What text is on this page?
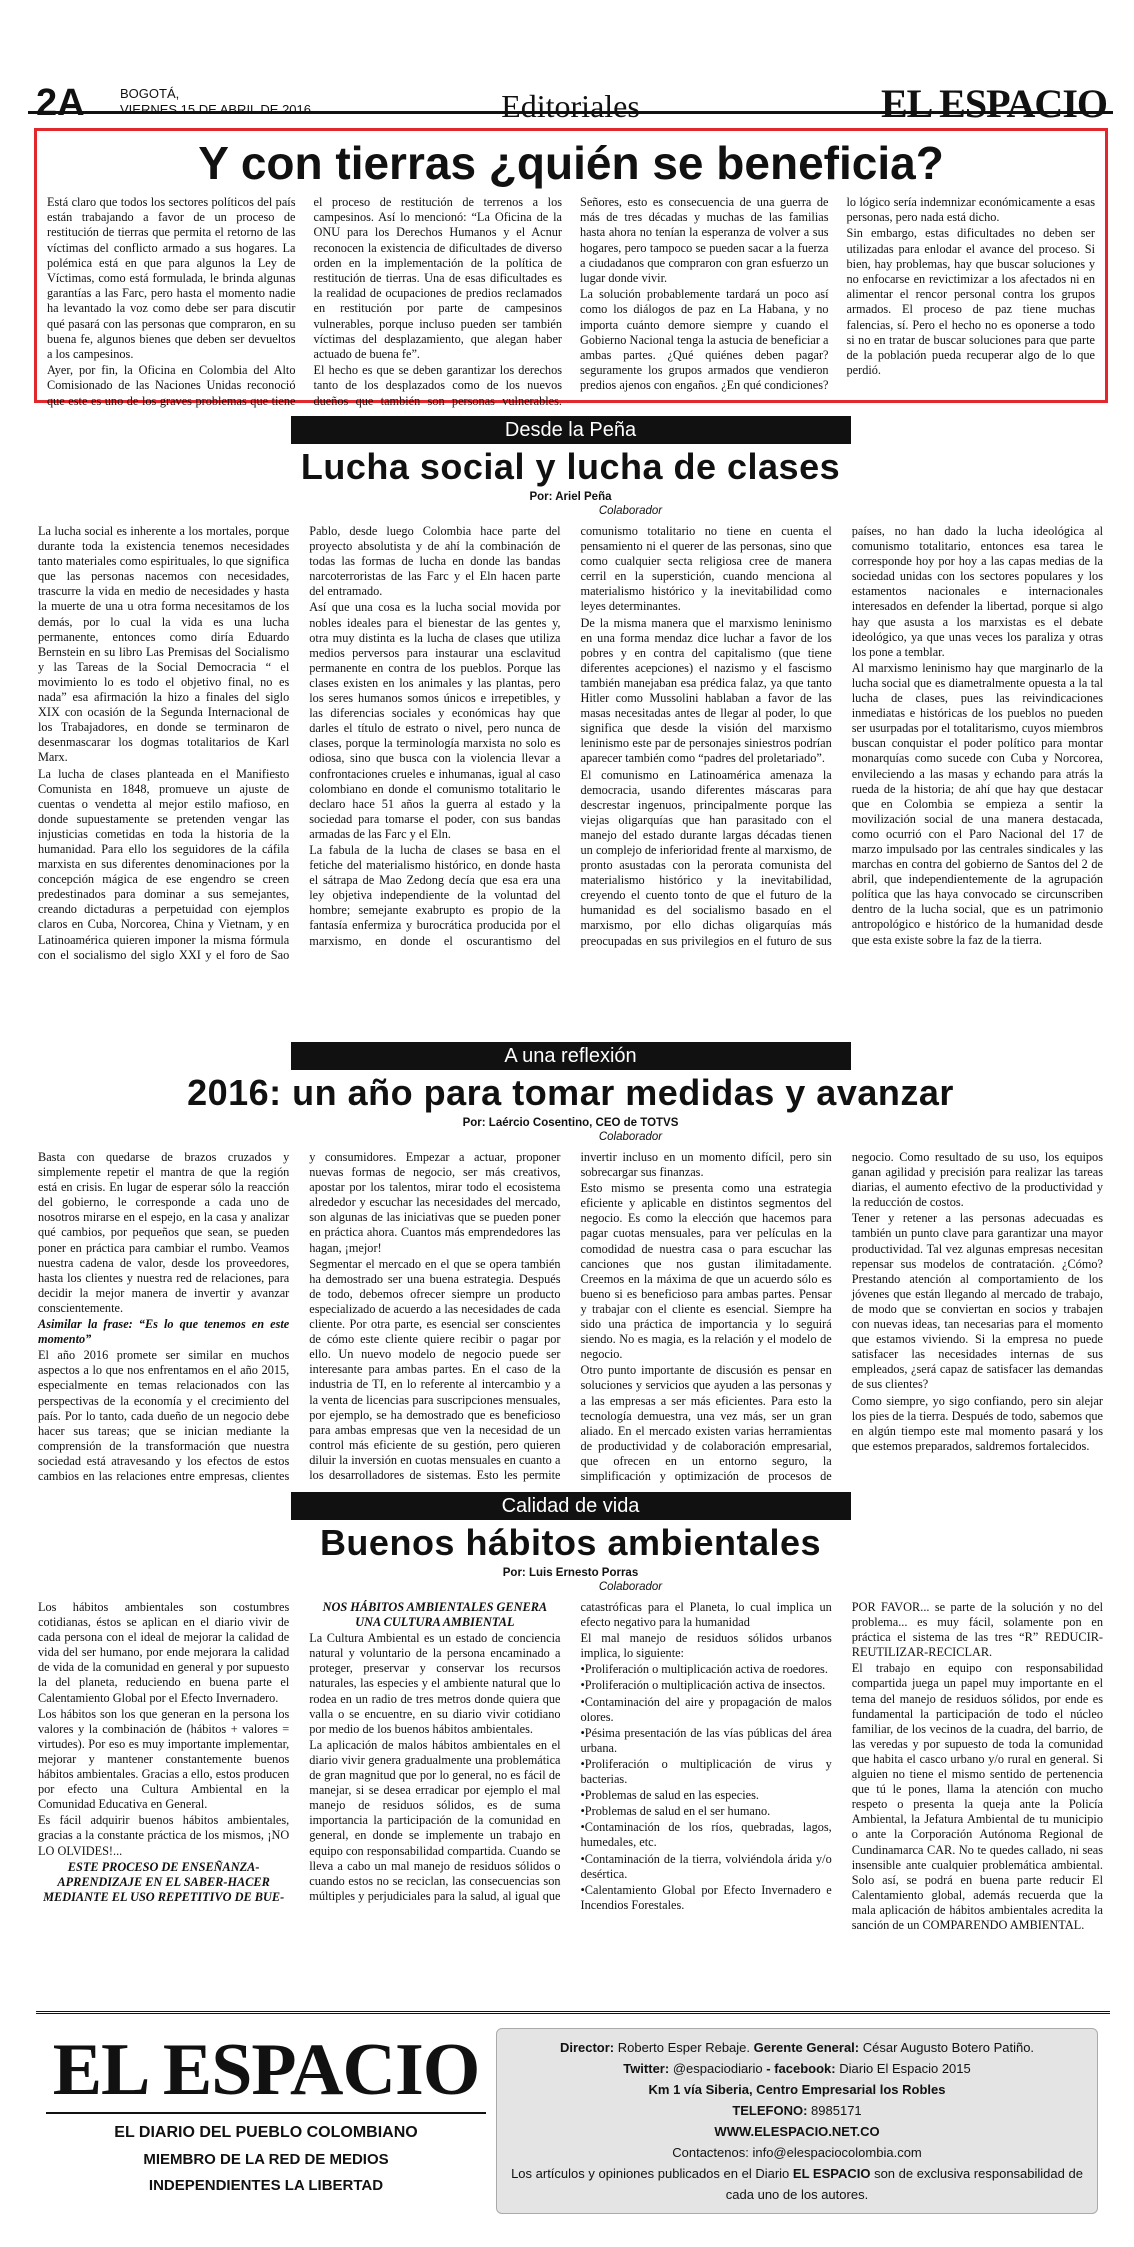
2A	BOGOTÁ,
VIERNES 15 DE ABRIL DE 2016	Editoriales	EL ESPACIO
Y con tierras ¿quién se beneficia?

Está claro que todos los sectores políticos del país están trabajando a favor de un proceso de restitución de tierras que permita el retorno de las víctimas del conflicto armado a sus hogares. La polémica está en que para algunos la Ley de Víctimas, como está formulada, le brinda algunas garantías a las Farc, pero hasta el momento nadie ha levantado la voz como debe ser para discutir qué pasará con las personas que compraron, en su buena fe, algunos bienes que deben ser devueltos a los campesinos.

Ayer, por fin, la Oficina en Colombia del Alto Comisionado de las Naciones Unidas reconoció que este es uno de los graves problemas que tiene el proceso de restitución de terrenos a los campesinos. Así lo mencionó: “La Oficina de la ONU para los Derechos Humanos y el Acnur reconocen la existencia de dificultades de diverso orden en la implementación de la política de restitución de tierras. Una de esas dificultades es la realidad de ocupaciones de predios reclamados en restitución por parte de campesinos vulnerables, porque incluso pueden ser también víctimas del desplazamiento, que alegan haber actuado de buena fe”.

El hecho es que se deben garantizar los derechos tanto de los desplazados como de los nuevos dueños que también son personas vulnerables. Señores, esto es consecuencia de una guerra de más de tres décadas y muchas de las familias hasta ahora no tenían la esperanza de volver a sus hogares, pero tampoco se pueden sacar a la fuerza a ciudadanos que compraron con gran esfuerzo un lugar donde vivir.

La solución probablemente tardará un poco así como los diálogos de paz en La Habana, y no importa cuánto demore siempre y cuando el Gobierno Nacional tenga la astucia de beneficiar a ambas partes. ¿Qué quiénes deben pagar? seguramente los grupos armados que vendieron predios ajenos con engaños. ¿En qué condiciones? lo lógico sería indemnizar económicamente a esas personas, pero nada está dicho.

Sin embargo, estas dificultades no deben ser utilizadas para enlodar el avance del proceso. Si bien, hay problemas, hay que buscar soluciones y no enfocarse en revictimizar a los afectados ni en alimentar el rencor personal contra los grupos armados. El proceso de paz tiene muchas falencias, sí. Pero el hecho no es oponerse a todo si no en tratar de buscar soluciones para que parte de la población pueda recuperar algo de lo que perdió.

Desde la Peña
Lucha social y lucha de clases
Por: Ariel Peña
Colaborador

La lucha social es inherente a los mortales, porque durante toda la existencia tenemos necesidades tanto materiales como espirituales, lo que significa que las personas nacemos con necesidades, trascurre la vida en medio de necesidades y hasta la muerte de una u otra forma necesitamos de los demás, por lo cual la vida es una lucha permanente, entonces como diría Eduardo Bernstein en su libro Las Premisas del Socialismo y las Tareas de la Social Democracia “ el movimiento lo es todo el objetivo final, no es nada” esa afirmación la hizo a finales del siglo XIX con ocasión de la Segunda Internacional de los Trabajadores, en donde se terminaron de desenmascarar los dogmas totalitarios de Karl Marx.

La lucha de clases planteada en el Manifiesto Comunista en 1848, promueve un ajuste de cuentas o vendetta al mejor estilo mafioso, en donde supuestamente se pretenden vengar las injusticias cometidas en toda la historia de la humanidad. Para ello los seguidores de la cáfila marxista en sus diferentes denominaciones por la concepción mágica de ese engendro se creen predestinados para dominar a sus semejantes, creando dictaduras a perpetuidad con ejemplos claros en Cuba, Norcorea, China y Vietnam, y en Latinoamérica quieren imponer la misma fórmula con el socialismo del siglo XXI y el foro de Sao Pablo, desde luego Colombia hace parte del proyecto absolutista y de ahí la combinación de todas las formas de lucha en donde las bandas narcoterroristas de las Farc y el Eln hacen parte del entramado.

Así que una cosa es la lucha social movida por nobles ideales para el bienestar de las gentes y, otra muy distinta es la lucha de clases que utiliza medios perversos para instaurar una esclavitud permanente en contra de los pueblos. Porque las clases existen en los animales y las plantas, pero los seres humanos somos únicos e irrepetibles, y las diferencias sociales y económicas hay que darles el título de estrato o nivel, pero nunca de clases, porque la terminología marxista no solo es odiosa, sino que busca con la violencia llevar a confrontaciones crueles e inhumanas, igual al caso colombiano en donde el comunismo totalitario le declaro hace 51 años la guerra al estado y la sociedad para tomarse el poder, con sus bandas armadas de las Farc y el Eln.

La fabula de la lucha de clases se basa en el fetiche del materialismo histórico, en donde hasta el sátrapa de Mao Zedong decía que esa era una ley objetiva independiente de la voluntad del hombre; semejante exabrupto es propio de la fantasía enfermiza y burocrática producida por el marxismo, en donde el oscurantismo del comunismo totalitario no tiene en cuenta el pensamiento ni el querer de las personas, sino que como cualquier secta religiosa cree de manera cerril en la superstición, cuando menciona al materialismo histórico y la inevitabilidad como leyes determinantes.

De la misma manera que el marxismo leninismo en una forma mendaz dice luchar a favor de los pobres y en contra del capitalismo (que tiene diferentes acepciones) el nazismo y el fascismo también manejaban esa prédica falaz, ya que tanto Hitler como Mussolini hablaban a favor de las masas necesitadas antes de llegar al poder, lo que significa que desde la visión del marxismo leninismo este par de personajes siniestros podrían aparecer también como “padres del proletariado”.

El comunismo en Latinoamérica amenaza la democracia, usando diferentes máscaras para descrestar ingenuos, principalmente porque las viejas oligarquías que han parasitado con el manejo del estado durante largas décadas tienen un complejo de inferioridad frente al marxismo, de pronto asustadas con la perorata comunista del materialismo histórico y la inevitabilidad, creyendo el cuento tonto de que el futuro de la humanidad es del socialismo basado en el marxismo, por ello dichas oligarquías más preocupadas en sus privilegios en el futuro de sus países, no han dado la lucha ideológica al comunismo totalitario, entonces esa tarea le corresponde hoy por hoy a las capas medias de la sociedad unidas con los sectores populares y los estamentos nacionales e internacionales interesados en defender la libertad, porque si algo hay que asusta a los marxistas es el debate ideológico, ya que unas veces los paraliza y otras los pone a temblar.

Al marxismo leninismo hay que marginarlo de la lucha social que es diametralmente opuesta a la tal lucha de clases, pues las reivindicaciones inmediatas e históricas de los pueblos no pueden ser usurpadas por el totalitarismo, cuyos miembros buscan conquistar el poder político para montar monarquías como sucede con Cuba y Norcorea, envileciendo a las masas y echando para atrás la rueda de la historia; de ahí que hay que destacar que en Colombia se empieza a sentir la movilización social de una manera destacada, como ocurrió con el Paro Nacional del 17 de marzo impulsado por las centrales sindicales y las marchas en contra del gobierno de Santos del 2 de abril, que independientemente de la agrupación política que las haya convocado se circunscriben dentro de la lucha social, que es un patrimonio antropológico e histórico de la humanidad desde que esta existe sobre la faz de la tierra.

A una reflexión
2016: un año para tomar medidas y avanzar
Por: Laércio Cosentino, CEO de TOTVS
Colaborador

Basta con quedarse de brazos cruzados y simplemente repetir el mantra de que la región está en crisis. En lugar de esperar sólo la reacción del gobierno, le corresponde a cada uno de nosotros mirarse en el espejo, en la casa y analizar qué cambios, por pequeños que sean, se pueden poner en práctica para cambiar el rumbo. Veamos nuestra cadena de valor, desde los proveedores, hasta los clientes y nuestra red de relaciones, para decidir la mejor manera de invertir y avanzar conscientemente.

Asimilar la frase: “Es lo que tenemos en este momento”

El año 2016 promete ser similar en muchos aspectos a lo que nos enfrentamos en el año 2015, especialmente en temas relacionados con las perspectivas de la economía y el crecimiento del país. Por lo tanto, cada dueño de un negocio debe hacer sus tareas; que se inician mediante la comprensión de la transformación que nuestra sociedad está atravesando y los efectos de estos cambios en las relaciones entre empresas, clientes y consumidores. Empezar a actuar, proponer nuevas formas de negocio, ser más creativos, apostar por los talentos, mirar todo el ecosistema alrededor y escuchar las necesidades del mercado, son algunas de las iniciativas que se pueden poner en práctica ahora. Cuantos más emprendedores las hagan, ¡mejor!

Segmentar el mercado en el que se opera también ha demostrado ser una buena estrategia. Después de todo, debemos ofrecer siempre un producto especializado de acuerdo a las necesidades de cada cliente. Por otra parte, es esencial ser conscientes de cómo este cliente quiere recibir o pagar por ello. Un nuevo modelo de negocio puede ser interesante para ambas partes. En el caso de la industria de TI, en lo referente al intercambio y a la venta de licencias para suscripciones mensuales, por ejemplo, se ha demostrado que es beneficioso para ambas empresas que ven la necesidad de un control más eficiente de su gestión, pero quieren diluir la inversión en cuotas mensuales en cuanto a los desarrolladores de sistemas. Esto les permite invertir incluso en un momento difícil, pero sin sobrecargar sus finanzas.

Esto mismo se presenta como una estrategia eficiente y aplicable en distintos segmentos del negocio. Es como la elección que hacemos para pagar cuotas mensuales, para ver películas en la comodidad de nuestra casa o para escuchar las canciones que nos gustan ilimitadamente. Creemos en la máxima de que un acuerdo sólo es bueno si es beneficioso para ambas partes. Pensar y trabajar con el cliente es esencial. Siempre ha sido una práctica de importancia y lo seguirá siendo. No es magia, es la relación y el modelo de negocio.

Otro punto importante de discusión es pensar en soluciones y servicios que ayuden a las personas y a las empresas a ser más eficientes. Para esto la tecnología demuestra, una vez más, ser un gran aliado. En el mercado existen varias herramientas de productividad y de colaboración empresarial, que ofrecen en un entorno seguro, la simplificación y optimización de procesos de negocio. Como resultado de su uso, los equipos ganan agilidad y precisión para realizar las tareas diarias, el aumento efectivo de la productividad y la reducción de costos.

Tener y retener a las personas adecuadas es también un punto clave para garantizar una mayor productividad. Tal vez algunas empresas necesitan repensar sus modelos de contratación. ¿Cómo? Prestando atención al comportamiento de los jóvenes que están llegando al mercado de trabajo, de modo que se conviertan en socios y trabajen con nuevas ideas, tan necesarias para el momento que estamos viviendo. Si la empresa no puede satisfacer las necesidades internas de sus empleados, ¿será capaz de satisfacer las demandas de sus clientes?

Como siempre, yo sigo confiando, pero sin alejar los pies de la tierra. Después de todo, sabemos que en algún tiempo este mal momento pasará y los que estemos preparados, saldremos fortalecidos.

Calidad de vida
Buenos hábitos ambientales
Por: Luis Ernesto Porras
Colaborador

Los hábitos ambientales son costumbres cotidianas, éstos se aplican en el diario vivir de cada persona con el ideal de mejorar la calidad de vida del ser humano, por ende mejorara la calidad de vida de la comunidad en general y por supuesto la del planeta, reduciendo en buena parte el Calentamiento Global por el Efecto Invernadero.

Los hábitos son los que generan en la persona los valores y la combinación de (hábitos + valores = virtudes). Por eso es muy importante implementar, mejorar y mantener constantemente buenos hábitos ambientales. Gracias a ello, estos producen por efecto una Cultura Ambiental en la Comunidad Educativa en General.

Es fácil adquirir buenos hábitos ambientales, gracias a la constante práctica de los mismos, ¡NO LO OLVIDES!...

ESTE PROCESO DE ENSEÑANZA-APRENDIZAJE EN EL SABER-HACER MEDIANTE EL USO REPETITIVO DE BUE-

NOS HÁBITOS AMBIENTALES GENERA UNA CULTURA AMBIENTAL

La Cultura Ambiental es un estado de conciencia natural y voluntario de la persona encaminado a proteger, preservar y conservar los recursos naturales, las especies y el ambiente natural que lo rodea en un radio de tres metros donde quiera que valla o se encuentre, en su diario vivir cotidiano por medio de los buenos hábitos ambientales.

La aplicación de malos hábitos ambientales en el diario vivir genera gradualmente una problemática de gran magnitud que por lo general, no es fácil de manejar, si se desea erradicar por ejemplo el mal manejo de residuos sólidos, es de suma importancia la participación de la comunidad en general, en donde se implemente un trabajo en equipo con responsabilidad compartida. Cuando se lleva a cabo un mal manejo de residuos sólidos o cuando estos no se reciclan, las consecuencias son múltiples y perjudiciales para la salud, al igual que catastróficas para el Planeta, lo cual implica un efecto negativo para la humanidad

El mal manejo de residuos sólidos urbanos implica, lo siguiente:

•Proliferación o multiplicación activa de roedores.

•Proliferación o multiplicación activa de insectos.

•Contaminación del aire y propagación de malos olores.

•Pésima presentación de las vías públicas del área urbana.

•Proliferación o multiplicación de virus y bacterias.

•Problemas de salud en las especies.

•Problemas de salud en el ser humano.

•Contaminación de los ríos, quebradas, lagos, humedales, etc.

•Contaminación de la tierra, volviéndola árida y/o desértica.

•Calentamiento Global por Efecto Invernadero e Incendios Forestales.

POR FAVOR... se parte de la solución y no del problema... es muy fácil, solamente pon en práctica el sistema de las tres “R” REDUCIR-REUTILIZAR-RECICLAR.

El trabajo en equipo con responsabilidad compartida juega un papel muy importante en el tema del manejo de residuos sólidos, por ende es fundamental la participación de todo el núcleo familiar, de los vecinos de la cuadra, del barrio, de las veredas y por supuesto de toda la comunidad que habita el casco urbano y/o rural en general. Si alguien no tiene el mismo sentido de pertenencia que tú le pones, llama la atención con mucho respeto o presenta la queja ante la Policía Ambiental, la Jefatura Ambiental de tu municipio o ante la Corporación Autónoma Regional de Cundinamarca CAR. No te quedes callado, ni seas insensible ante cualquier problemática ambiental. Solo así, se podrá en buena parte reducir El Calentamiento global, además recuerda que la mala aplicación de hábitos ambientales acredita la sanción de un COMPARENDO AMBIENTAL.

EL ESPACIO
EL DIARIO DEL PUEBLO COLOMBIANO
MIEMBRO DE LA RED DE MEDIOS
INDEPENDIENTES LA LIBERTAD
Director: Roberto Esper Rebaje. Gerente General: César Augusto Botero Patiño.
Twitter: @espaciodiario - facebook: Diario El Espacio 2015
Km 1 vía Siberia, Centro Empresarial los Robles
TELEFONO: 8985171
WWW.ELESPACIO.NET.CO
Contactenos: info@elespaciocolombia.com
Los artículos y opiniones publicados en el Diario EL ESPACIO son de exclusiva responsabilidad de cada uno de los autores.
